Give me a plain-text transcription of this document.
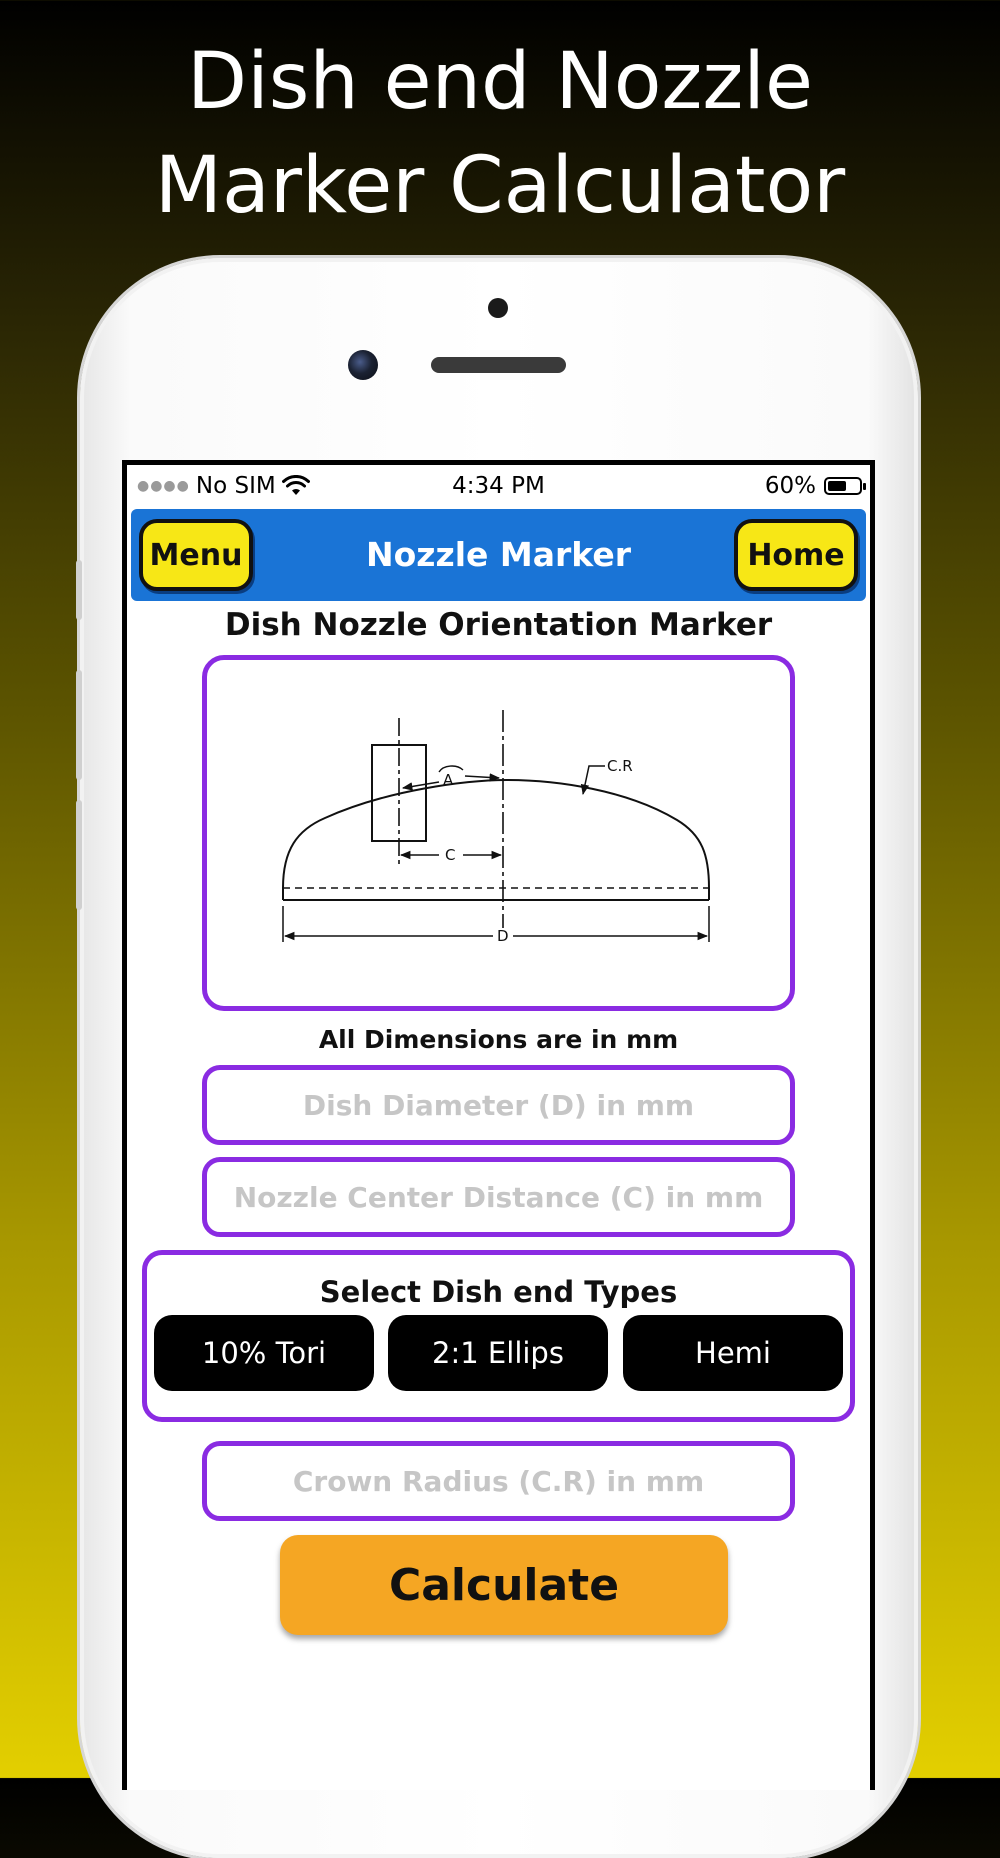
Dish end Nozzle
Marker Calculator
●●●● No SIM	4:34 PM	60%
Menu	Nozzle Marker	Home
Dish Nozzle Orientation Marker
A
C.R
C
D
All Dimensions are in mm
Dish Diameter (D) in mm
Nozzle Center Distance (C) in mm
Select Dish end Types
10% Tori	2:1 Ellips	Hemi
Crown Radius (C.R) in mm
Calculate
